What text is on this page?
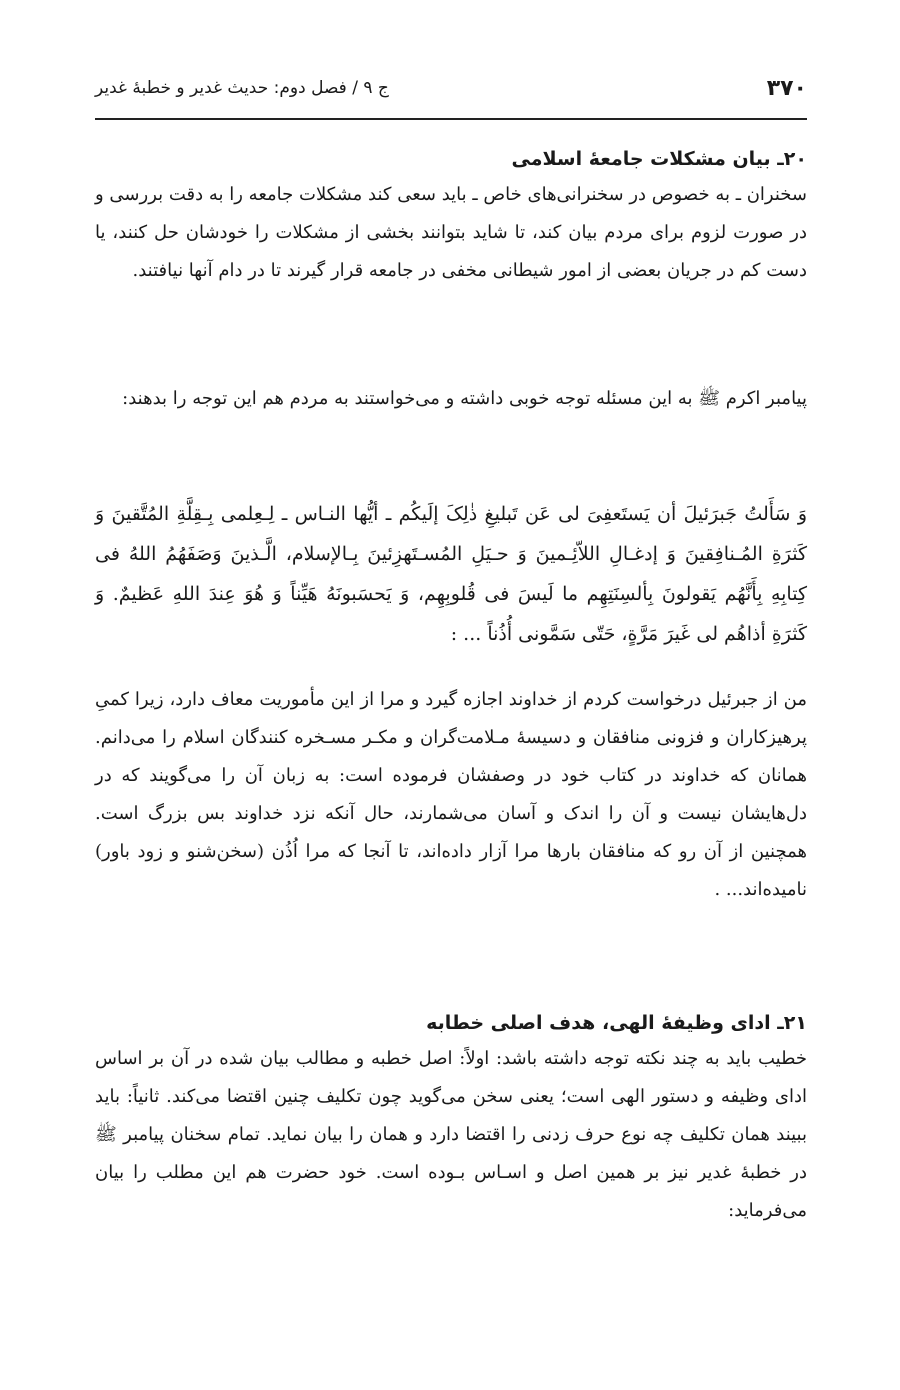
۳۷۰
ج ۹ / فصل دوم: حدیث غدیر و خطبهٔ غدیر
۲۰ـ بیان مشکلات جامعهٔ اسلامی

سخنران ـ به خصوص در سخنرانی‌های خاص ـ باید سعی کند مشکلات جامعه را به دقت بررسی و در صورت لزوم برای مردم بیان کند، تا شاید بتوانند بخشی از مشکلات را خودشان حل کنند، یا دست کم در جریان بعضی از امور شیطانی مخفی در جامعه قرار گیرند تا در دام آنها نیافتند.

پیامبر اکرم ﷺ به این مسئله توجه خوبی داشته و می‌خواستند به مردم هم این توجه را بدهند:

وَ سَأَلتُ جَبرَئیلَ أن یَستَعفِیَ لی عَن تَبلیغِ ذٰلِکَ إلَیکُم ـ أیُّها النـاس ـ لِـعِلمی بِـقِلَّةِ المُتَّقینَ وَ کَثرَةِ المُـنافِقینَ وَ إدغـالِ اللاّئِـمینَ وَ حـیَلِ المُسـتَهزِئینَ بِـالإسلام، الَّـذینَ وَصَفَهُمُ اللهُ فی کِتابِهِ بِأَنَّهُم یَقولونَ بِألسِنَتِهِم ما لَیسَ فی قُلوبِهِم، وَ یَحسَبونَهُ هَیِّناً وَ هُوَ عِندَ اللهِ عَظیمٌ. وَ کَثرَةِ أذاهُم لی غَیرَ مَرَّةٍ، حَتّی سَمَّونی أُذُناً ... :

من از جبرئیل درخواست کردم از خداوند اجازه گیرد و مرا از این مأموریت معاف دارد، زیرا کمیِ پرهیزکاران و فزونی منافقان و دسیسهٔ مـلامت‌گران و مکـر مسـخره کنندگان اسلام را می‌دانم. همانان که خداوند در کتاب خود در وصفشان فرموده است: به زبان آن را می‌گویند که در دل‌هایشان نیست و آن را اندک و آسان می‌شمارند، حال آنکه نزد خداوند بس بزرگ است. همچنین از آن رو که منافقان بارها مرا آزار داده‌اند، تا آنجا که مرا اُذُن (سخن‌شنو و زود باور) نامیده‌اند... .

۲۱ـ ادای وظیفهٔ الهی، هدف اصلی خطابه

خطیب باید به چند نکته توجه داشته باشد: اولاً: اصل خطبه و مطالب بیان شده در آن بر اساس ادای وظیفه و دستور الهی است؛ یعنی سخن می‌گوید چون تکلیف چنین اقتضا می‌کند. ثانیاً: باید ببیند همان تکلیف چه نوع حرف زدنی را اقتضا دارد و همان را بیان نماید. تمام سخنان پیامبر ﷺ در خطبهٔ غدیر نیز بر همین اصل و اسـاس بـوده است. خود حضرت هم این مطلب را بیان می‌فرماید:
